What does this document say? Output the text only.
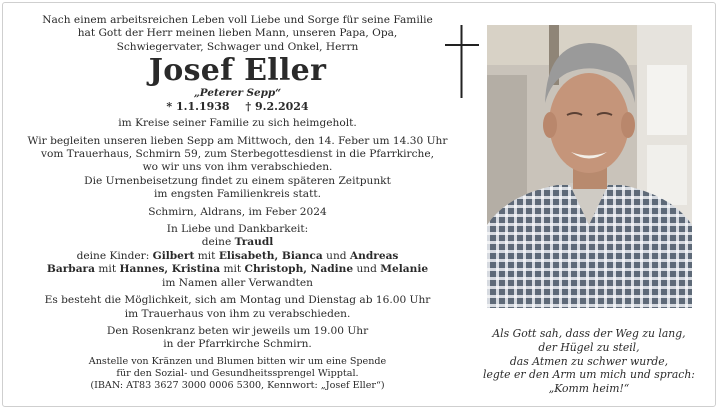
Nach einem arbeitsreichen Leben voll Liebe und Sorge für seine Familie
hat Gott der Herr meinen lieben Mann, unseren Papa, Opa,
Schwiegervater, Schwager und Onkel, Herrn
Josef Eller
„Peterer Sepp“
* 1.1.1938 † 9.2.2024
im Kreise seiner Familie zu sich heimgeholt.
Wir begleiten unseren lieben Sepp am Mittwoch, den 14. Feber um 14.30 Uhr
vom Trauerhaus, Schmirn 59, zum Sterbegottesdienst in die Pfarrkirche,
wo wir uns von ihm verabschieden.
Die Urnenbeisetzung findet zu einem späteren Zeitpunkt
im engsten Familienkreis statt.
Schmirn, Aldrans, im Feber 2024
In Liebe und Dankbarkeit:
deine Traudl
deine Kinder: Gilbert mit Elisabeth, Bianca und Andreas
Barbara mit Hannes, Kristina mit Christoph, Nadine und Melanie
im Namen aller Verwandten
Es besteht die Möglichkeit, sich am Montag und Dienstag ab 16.00 Uhr
im Trauerhaus von ihm zu verabschieden.
Den Rosenkranz beten wir jeweils um 19.00 Uhr
in der Pfarrkirche Schmirn.
Anstelle von Kränzen und Blumen bitten wir um eine Spende
für den Sozial- und Gesundheitssprengel Wipptal.
(IBAN: AT83 3627 3000 0006 5300, Kennwort: „Josef Eller“)
Als Gott sah, dass der Weg zu lang,
der Hügel zu steil,
das Atmen zu schwer wurde,
legte er den Arm um mich und sprach:
„Komm heim!“
